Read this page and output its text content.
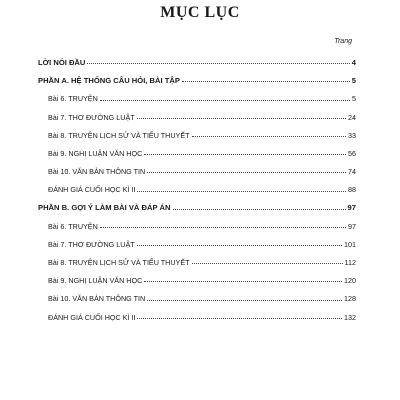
MỤC LỤC
Trang
LỜI NÓI ĐẦU	4
PHẦN A. HỆ THỐNG CÂU HỎI, BÀI TẬP	5
Bài 6. TRUYỆN	5
Bài 7. THƠ ĐƯỜNG LUẬT	24
Bài 8. TRUYỆN LỊCH SỬ VÀ TIỂU THUYẾT	33
Bài 9. NGHỊ LUẬN VĂN HỌC	56
Bài 10. VĂN BẢN THÔNG TIN	74
ĐÁNH GIÁ CUỐI HỌC KÌ II	88
PHẦN B. GỢI Ý LÀM BÀI VÀ ĐÁP ÁN	97
Bài 6. TRUYỆN	97
Bài 7. THƠ ĐƯỜNG LUẬT	101
Bài 8. TRUYỆN LỊCH SỬ VÀ TIỂU THUYẾT	112
Bài 9. NGHỊ LUẬN VĂN HỌC	120
Bài 10. VĂN BẢN THÔNG TIN	128
ĐÁNH GIÁ CUỐI HỌC KÌ II	132
